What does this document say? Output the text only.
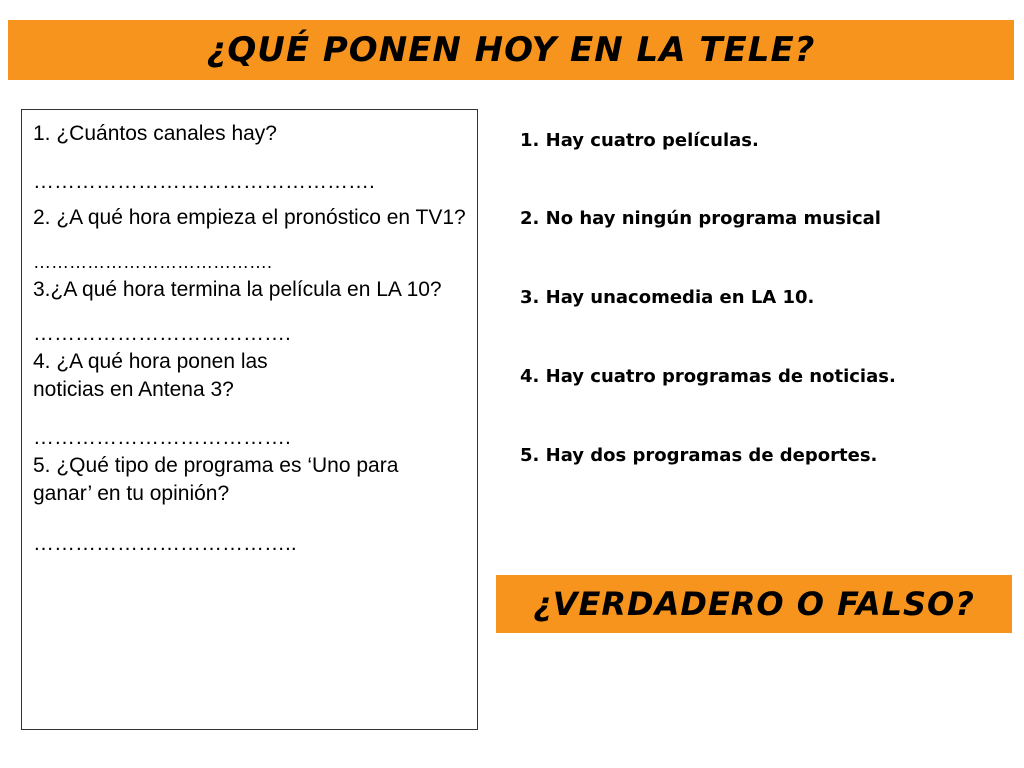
¿QUÉ PONEN HOY EN LA TELE?
1. ¿Cuántos canales hay?
………………………………………….
2. ¿A qué hora empieza el pronóstico en TV1?
………………………………….
3.¿A qué hora termina la película en LA 10?
……………………………….
4. ¿A qué hora ponen las noticias en Antena 3?
……………………………….
5. ¿Qué tipo de programa es ‘Uno para ganar’ en tu opinión?
………………………………..
1. Hay cuatro películas.
2. No hay ningún programa musical
3. Hay unacomedia en LA 10.
4. Hay cuatro programas de noticias.
5. Hay dos programas de deportes.
¿VERDADERO O FALSO?
